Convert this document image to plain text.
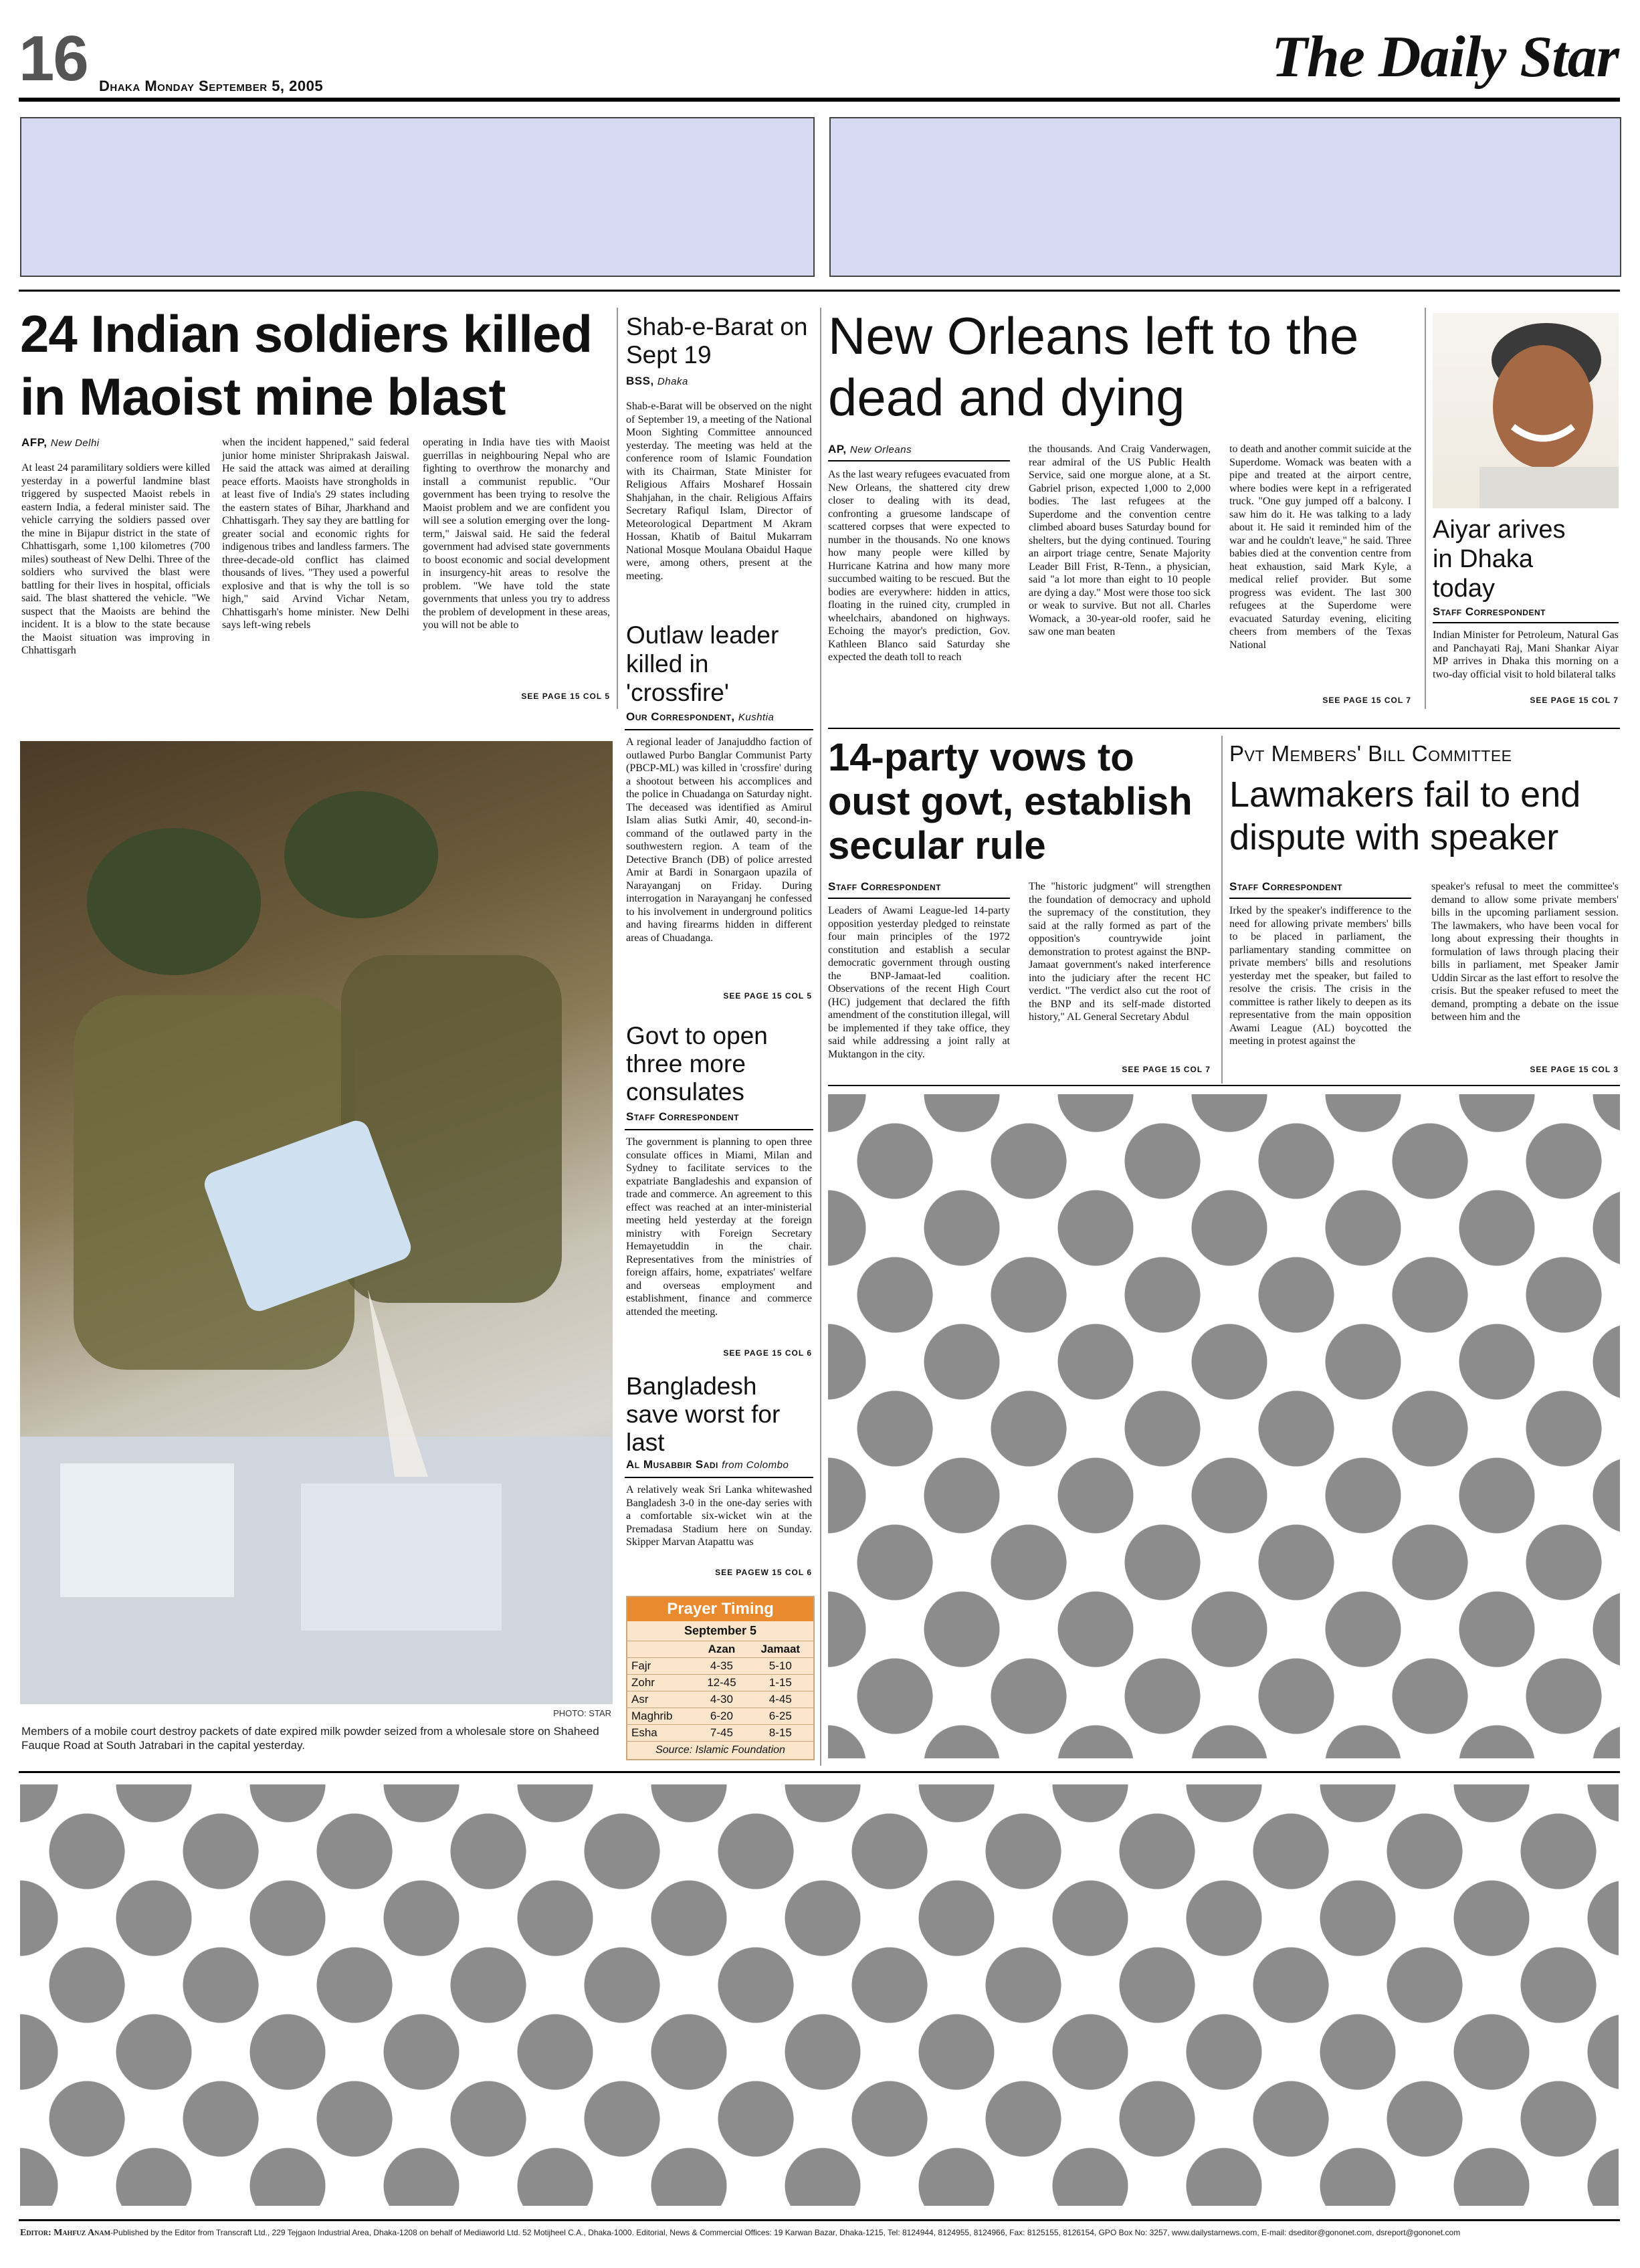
16 Dhaka Monday September 5, 2005	The Daily Star
24 Indian soldiers killed in Maoist mine blast
AFP, New Delhi
At least 24 paramilitary soldiers were killed yesterday in a powerful landmine blast triggered by suspected Maoist rebels in eastern India, a federal minister said. The vehicle carrying the soldiers passed over the mine in Bijapur district in the state of Chhattisgarh, some 1,100 kilometres (700 miles) southeast of New Delhi. Three of the soldiers who survived the blast were battling for their lives in hospital, officials said. The blast shattered the vehicle. "We suspect that the Maoists are behind the incident. It is a blow to the state because the Maoist situation was improving in Chhattisgarh
when the incident happened," said federal junior home minister Shriprakash Jaiswal. He said the attack was aimed at derailing peace efforts. Maoists have strongholds in at least five of India's 29 states including the eastern states of Bihar, Jharkhand and Chhattisgarh. They say they are battling for greater social and economic rights for indigenous tribes and landless farmers. The three-decade-old conflict has claimed thousands of lives. "They used a powerful explosive and that is why the toll is so high," said Arvind Vichar Netam, Chhattisgarh's home minister. New Delhi says left-wing rebels
operating in India have ties with Maoist guerrillas in neighbouring Nepal who are fighting to overthrow the monarchy and install a communist republic. "Our government has been trying to resolve the Maoist problem and we are confident you will see a solution emerging over the long-term," Jaiswal said. He said the federal government had advised state governments to boost economic and social development in insurgency-hit areas to resolve the problem. "We have told the state governments that unless you try to address the problem of development in these areas, you will not be able to
SEE PAGE 15 COL 5
Shab-e-Barat on Sept 19
BSS, Dhaka
Shab-e-Barat will be observed on the night of September 19, a meeting of the National Moon Sighting Committee announced yesterday. The meeting was held at the conference room of Islamic Foundation with its Chairman, State Minister for Religious Affairs Mosharef Hossain Shahjahan, in the chair. Religious Affairs Secretary Rafiqul Islam, Director of Meteorological Department M Akram Hossan, Khatib of Baitul Mukarram National Mosque Moulana Obaidul Haque were, among others, present at the meeting.
Outlaw leader killed in 'crossfire'
Our Correspondent, Kushtia
A regional leader of Janajuddho faction of outlawed Purbo Banglar Communist Party (PBCP-ML) was killed in 'crossfire' during a shootout between his accomplices and the police in Chuadanga on Saturday night. The deceased was identified as Amirul Islam alias Sutki Amir, 40, second-in-command of the outlawed party in the southwestern region. A team of the Detective Branch (DB) of police arrested Amir at Bardi in Sonargaon upazila of Narayanganj on Friday. During interrogation in Narayanganj he confessed to his involvement in underground politics and having firearms hidden in different areas of Chuadanga.
SEE PAGE 15 COL 5
Govt to open three more consulates
Staff Correspondent
The government is planning to open three consulate offices in Miami, Milan and Sydney to facilitate services to the expatriate Bangladeshis and expansion of trade and commerce. An agreement to this effect was reached at an inter-ministerial meeting held yesterday at the foreign ministry with Foreign Secretary Hemayetuddin in the chair. Representatives from the ministries of foreign affairs, home, expatriates' welfare and overseas employment and establishment, finance and commerce attended the meeting.
SEE PAGE 15 COL 6
Bangladesh save worst for last
Al Musabbir Sadi from Colombo
A relatively weak Sri Lanka whitewashed Bangladesh 3-0 in the one-day series with a comfortable six-wicket win at the Premadasa Stadium here on Sunday. Skipper Marvan Atapattu was
SEE PAGEW 15 COL 6
Prayer Timing
September 5
	Azan	Jamaat
Fajr	4-35	5-10
Zohr	12-45	1-15
Asr	4-30	4-45
Maghrib	6-20	6-25
Esha	7-45	8-15
Source: Islamic Foundation
PHOTO: STAR
Members of a mobile court destroy packets of date expired milk powder seized from a wholesale store on Shaheed Fauque Road at South Jatrabari in the capital yesterday.
New Orleans left to the dead and dying
AP, New Orleans
As the last weary refugees evacuated from New Orleans, the shattered city drew closer to dealing with its dead, confronting a gruesome landscape of scattered corpses that were expected to number in the thousands. No one knows how many people were killed by Hurricane Katrina and how many more succumbed waiting to be rescued. But the bodies are everywhere: hidden in attics, floating in the ruined city, crumpled in wheelchairs, abandoned on highways. Echoing the mayor's prediction, Gov. Kathleen Blanco said Saturday she expected the death toll to reach
the thousands. And Craig Vanderwagen, rear admiral of the US Public Health Service, said one morgue alone, at a St. Gabriel prison, expected 1,000 to 2,000 bodies. The last refugees at the Superdome and the convention centre climbed aboard buses Saturday bound for shelters, but the dying continued. Touring an airport triage centre, Senate Majority Leader Bill Frist, R-Tenn., a physician, said "a lot more than eight to 10 people are dying a day." Most were those too sick or weak to survive. But not all. Charles Womack, a 30-year-old roofer, said he saw one man beaten
to death and another commit suicide at the Superdome. Womack was beaten with a pipe and treated at the airport centre, where bodies were kept in a refrigerated truck. "One guy jumped off a balcony. I saw him do it. He was talking to a lady about it. He said it reminded him of the war and he couldn't leave," he said. Three babies died at the convention centre from heat exhaustion, said Mark Kyle, a medical relief provider. But some progress was evident. The last 300 refugees at the Superdome were evacuated Saturday evening, eliciting cheers from members of the Texas National
SEE PAGE 15 COL 7
Aiyar arives in Dhaka today
Staff Correspondent
Indian Minister for Petroleum, Natural Gas and Panchayati Raj, Mani Shankar Aiyar MP arrives in Dhaka this morning on a two-day official visit to hold bilateral talks
SEE PAGE 15 COL 7
14-party vows to oust govt, establish secular rule
Staff Correspondent
Leaders of Awami League-led 14-party opposition yesterday pledged to reinstate four main principles of the 1972 constitution and establish a secular democratic government through ousting the BNP-Jamaat-led coalition. Observations of the recent High Court (HC) judgement that declared the fifth amendment of the constitution illegal, will be implemented if they take office, they said while addressing a joint rally at Muktangon in the city.
The "historic judgment" will strengthen the foundation of democracy and uphold the supremacy of the constitution, they said at the rally formed as part of the opposition's countrywide joint demonstration to protest against the BNP-Jamaat government's naked interference into the judiciary after the recent HC verdict. "The verdict also cut the root of the BNP and its self-made distorted history," AL General Secretary Abdul
SEE PAGE 15 COL 7
Pvt Members' Bill Committee
Lawmakers fail to end dispute with speaker
Staff Correspondent
Irked by the speaker's indifference to the need for allowing private members' bills to be placed in parliament, the parliamentary standing committee on private members' bills and resolutions yesterday met the speaker, but failed to resolve the crisis. The crisis in the committee is rather likely to deepen as its representative from the main opposition Awami League (AL) boycotted the meeting in protest against the
speaker's refusal to meet the committee's demand to allow some private members' bills in the upcoming parliament session. The lawmakers, who have been vocal for long about expressing their thoughts in formulation of laws through placing their bills in parliament, met Speaker Jamir Uddin Sircar as the last effort to resolve the crisis. But the speaker refused to meet the demand, prompting a debate on the issue between him and the
SEE PAGE 15 COL 3
Editor: Mahfuz Anam-Published by the Editor from Transcraft Ltd., 229 Tejgaon Industrial Area, Dhaka-1208 on behalf of Mediaworld Ltd. 52 Motijheel C.A., Dhaka-1000. Editorial, News & Commercial Offices: 19 Karwan Bazar, Dhaka-1215, Tel: 8124944, 8124955, 8124966, Fax: 8125155, 8126154, GPO Box No: 3257, www.dailystarnews.com, E-mail: dseditor@gononet.com, dsreport@gononet.com
